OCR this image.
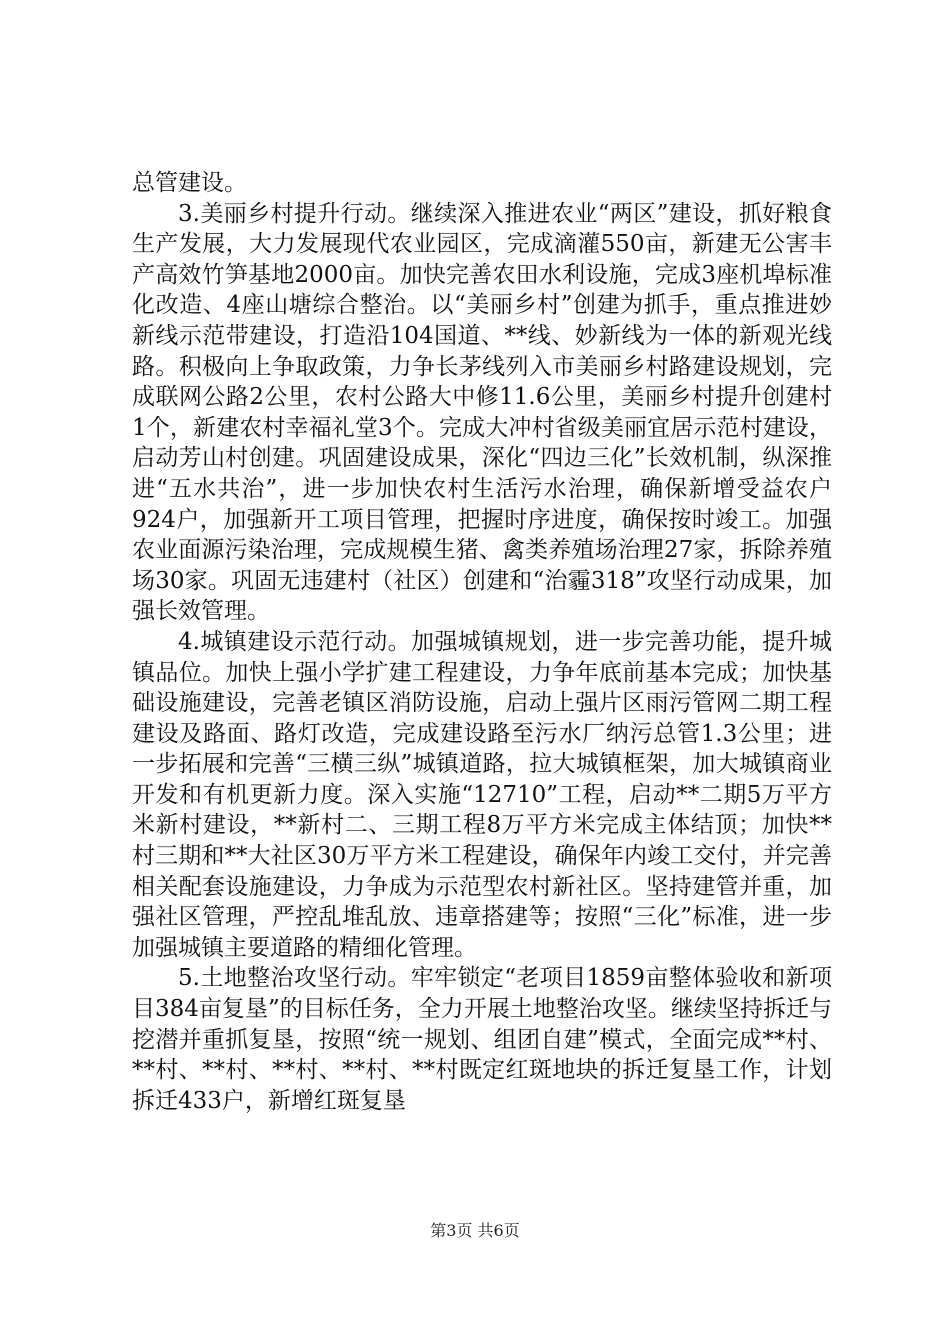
总管建设。

3.美丽乡村提升行动。继续深入推进农业“两区”建设，抓好粮食生产发展，大力发展现代农业园区，完成滴灌550亩，新建无公害丰产高效竹笋基地2000亩。加快完善农田水利设施，完成3座机埠标准化改造、4座山塘综合整治。以“美丽乡村”创建为抓手，重点推进妙新线示范带建设，打造沿104国道、**线、妙新线为一体的新观光线路。积极向上争取政策，力争长茅线列入市美丽乡村路建设规划，完成联网公路2公里，农村公路大中修11.6公里，美丽乡村提升创建村1个，新建农村幸福礼堂3个。完成大冲村省级美丽宜居示范村建设，启动芳山村创建。巩固建设成果，深化“四边三化”长效机制，纵深推进“五水共治”，进一步加快农村生活污水治理，确保新增受益农户924户，加强新开工项目管理，把握时序进度，确保按时竣工。加强农业面源污染治理，完成规模生猪、禽类养殖场治理27家，拆除养殖场30家。巩固无违建村（社区）创建和“治霾318”攻坚行动成果，加强长效管理。

4.城镇建设示范行动。加强城镇规划，进一步完善功能，提升城镇品位。加快上强小学扩建工程建设，力争年底前基本完成；加快基础设施建设，完善老镇区消防设施，启动上强片区雨污管网二期工程建设及路面、路灯改造，完成建设路至污水厂纳污总管1.3公里；进一步拓展和完善“三横三纵”城镇道路，拉大城镇框架，加大城镇商业开发和有机更新力度。深入实施“12710”工程，启动**二期5万平方米新村建设，**新村二、三期工程8万平方米完成主体结顶；加快**村三期和**大社区30万平方米工程建设，确保年内竣工交付，并完善相关配套设施建设，力争成为示范型农村新社区。坚持建管并重，加强社区管理，严控乱堆乱放、违章搭建等；按照“三化”标准，进一步加强城镇主要道路的精细化管理。

5.土地整治攻坚行动。牢牢锁定“老项目1859亩整体验收和新项目384亩复垦”的目标任务，全力开展土地整治攻坚。继续坚持拆迁与挖潜并重抓复垦，按照“统一规划、组团自建”模式，全面完成**村、**村、**村、**村、**村、**村既定红斑地块的拆迁复垦工作，计划拆迁433户，新增红斑复垦

第3页 共6页
